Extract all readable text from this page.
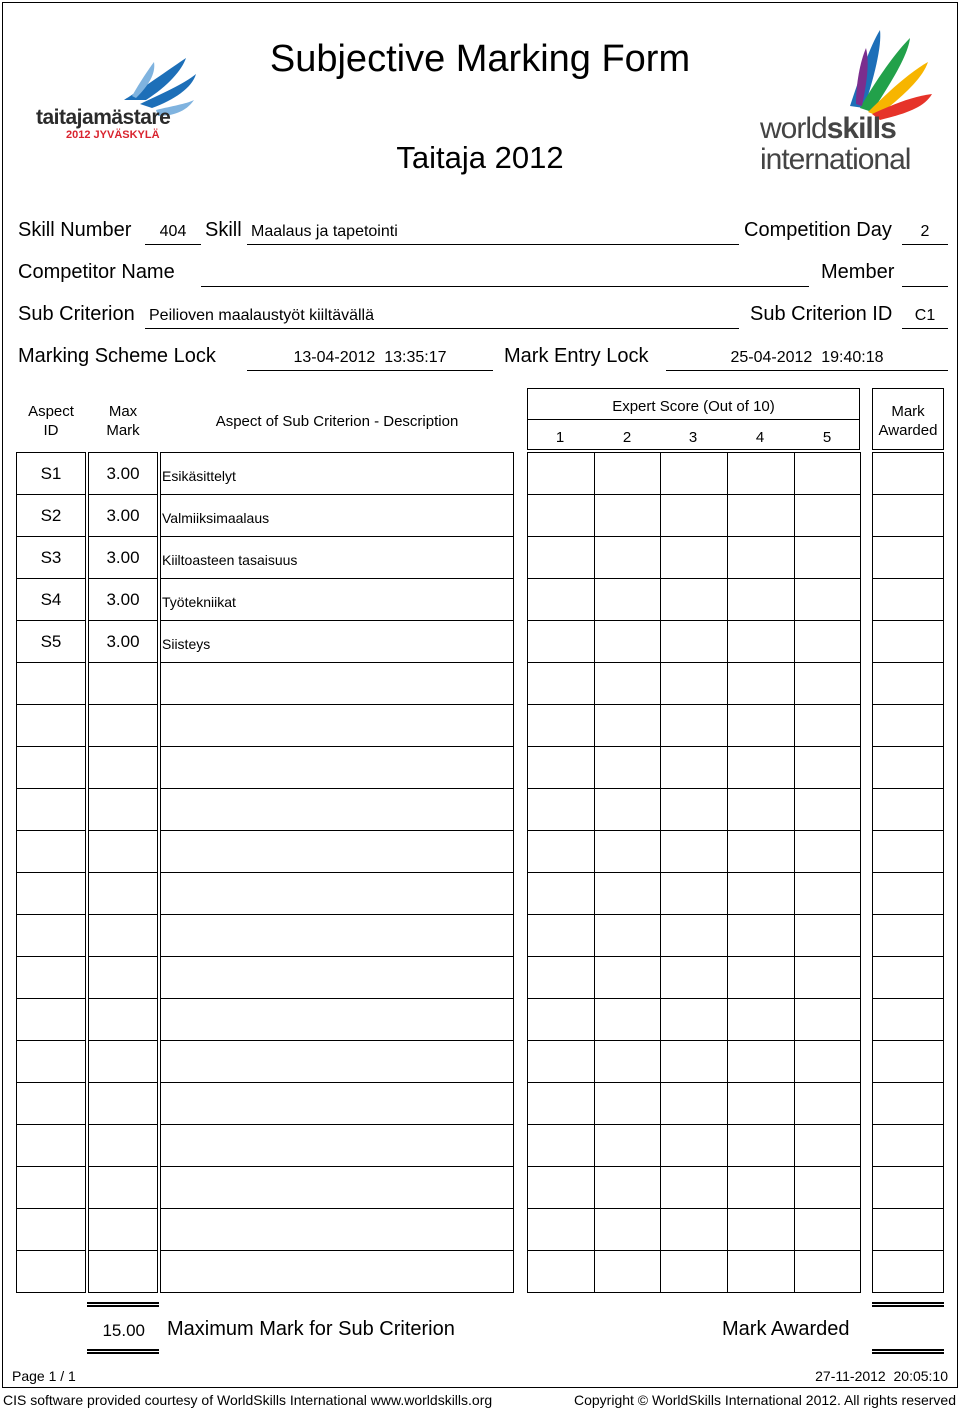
taitajamästare
2012 JYVÄSKYLÄ	worldskills
international
Subjective Marking Form
Taitaja 2012
Skill Number	404 Skill Maalaus ja tapetointi	Competition Day	2
Competitor Name	Member
Sub Criterion Peilioven maalaustyöt kiiltävällä	Sub Criterion ID	C1
Marking Scheme Lock	13-04-2012  13:35:17	Mark Entry Lock	25-04-2012  19:40:18
Aspect
ID
Max
Mark
Aspect of Sub Criterion - Description
Expert Score (Out of 10)
1	2	3	4	5
Mark
Awarded
S1	3.00	Esikäsittelyt
S2	3.00	Valmiiksimaalaus
S3	3.00	Kiiltoasteen tasaisuus
S4	3.00	Työtekniikat
S5	3.00	Siisteys
15.00 Maximum Mark for Sub Criterion	Mark Awarded
Page 1 / 1	27-11-2012  20:05:10
CIS software provided courtesy of WorldSkills International www.worldskills.org	Copyright © WorldSkills International 2012. All rights reserved
